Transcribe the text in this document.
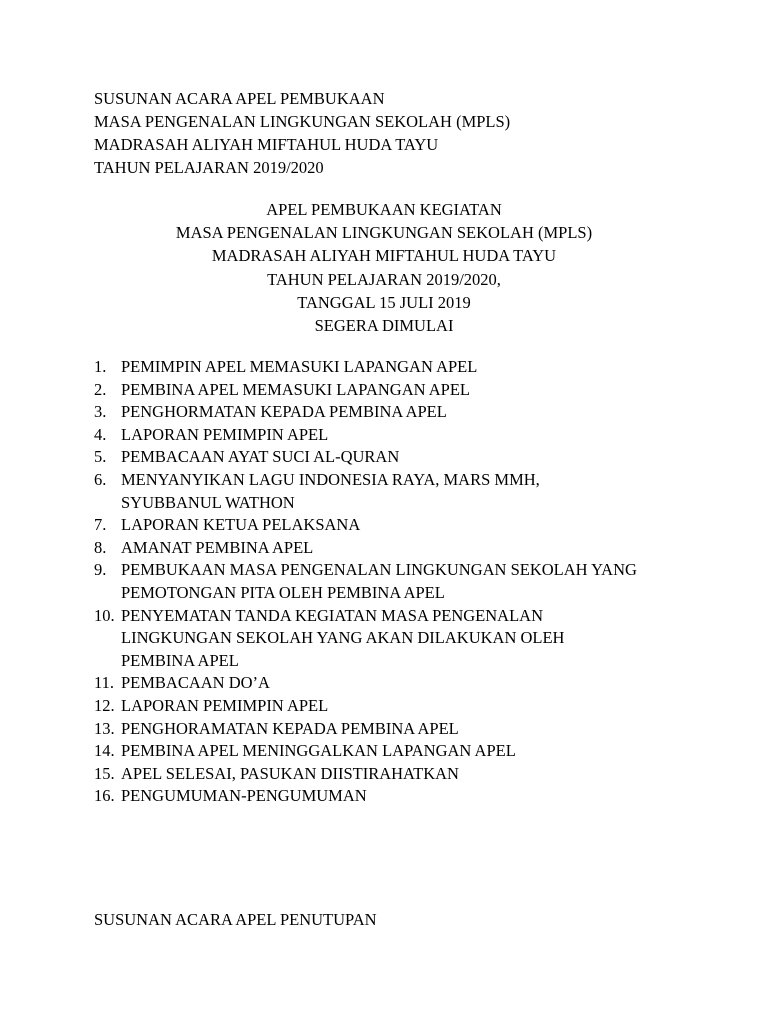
SUSUNAN ACARA APEL PEMBUKAAN
MASA PENGENALAN LINGKUNGAN SEKOLAH (MPLS)
MADRASAH ALIYAH MIFTAHUL HUDA TAYU
TAHUN PELAJARAN 2019/2020
APEL PEMBUKAAN KEGIATAN
MASA PENGENALAN LINGKUNGAN SEKOLAH (MPLS)
MADRASAH ALIYAH MIFTAHUL HUDA TAYU
TAHUN PELAJARAN 2019/2020,
TANGGAL 15 JULI 2019
SEGERA DIMULAI
1. PEMIMPIN APEL MEMASUKI LAPANGAN APEL
2. PEMBINA APEL MEMASUKI LAPANGAN APEL
3. PENGHORMATAN KEPADA PEMBINA APEL
4. LAPORAN PEMIMPIN APEL
5. PEMBACAAN AYAT SUCI AL-QURAN
6. MENYANYIKAN LAGU INDONESIA RAYA, MARS MMH, SYUBBANUL WATHON
7. LAPORAN KETUA PELAKSANA
8. AMANAT PEMBINA APEL
9. PEMBUKAAN MASA PENGENALAN LINGKUNGAN SEKOLAH YANG PEMOTONGAN PITA OLEH PEMBINA APEL
10. PENYEMATAN TANDA KEGIATAN MASA PENGENALAN LINGKUNGAN SEKOLAH YANG AKAN DILAKUKAN OLEH PEMBINA APEL
11. PEMBACAAN DO’A
12. LAPORAN PEMIMPIN APEL
13. PENGHORAMATAN KEPADA PEMBINA APEL
14. PEMBINA APEL MENINGGALKAN LAPANGAN APEL
15. APEL SELESAI, PASUKAN DIISTIRAHATKAN
16. PENGUMUMAN-PENGUMUMAN
SUSUNAN ACARA APEL PENUTUPAN
